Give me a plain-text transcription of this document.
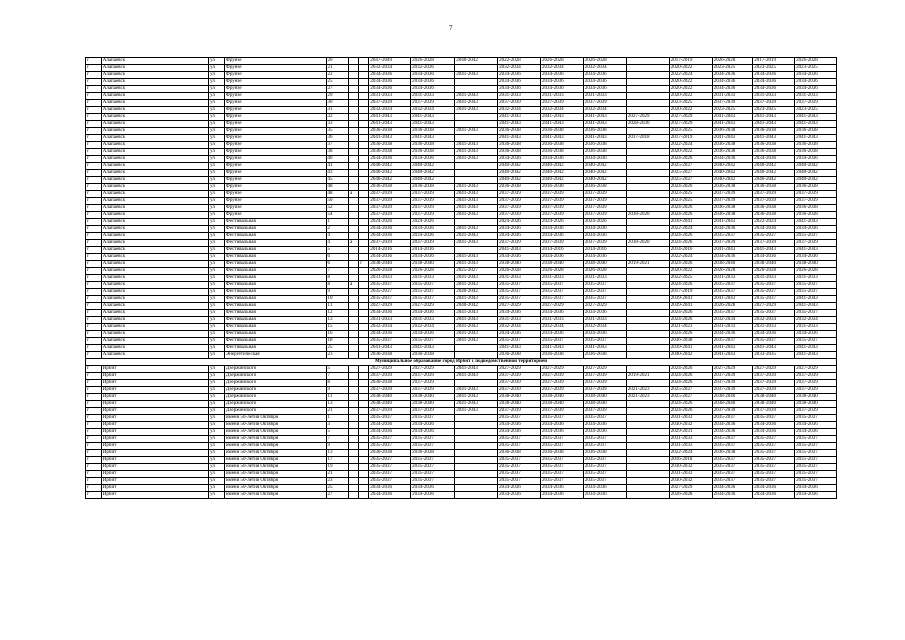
7
г	Алапаевск	ул	Фрунзе	20			2047-2049	2026-2028	2040-2042	2022-2028	2026-2028	2026-2028		2017-2019	2026-2028	2017-2019	2026-2028
г	Алапаевск	ул	Фрунзе	21			2032-2034	2032-2036		2032-2034	2032-2034	2032-2034		2020-2022	2023-2025	2023-2025	2023-2025
г	Алапаевск	ул	Фрунзе	22			2034-2036	2034-2036	2041-2043	2034-2036	2034-2036	2034-2036		2022-2024	2034-2036	2034-2036	2034-2036
г	Алапаевск	ул	Фрунзе	25			2034-2036	2034-2036		2034-2036	2034-2036	2034-2036		2020-2022	2034-2036	2034-2036	2034-2036
г	Алапаевск	ул	Фрунзе	27			2034-2036	2034-2036		2034-2036	2034-2036	2034-2036		2020-2022	2034-2036	2034-2036	2034-2036
г	Алапаевск	ул	Фрунзе	29			2031-2033	2031-2033	2041-2043	2031-2033	2031-2033	2031-2033		2020-2022	2031-2033	2031-2033	2031-2033
г	Алапаевск	ул	Фрунзе	30			2037-2039	2037-2039	2041-2043	2037-2039	2037-2039	2037-2039		2023-2025	2037-2039	2037-2039	2037-2039
г	Алапаевск	ул	Фрунзе	31			2032-2034	2032-2034	2041-2043	2032-2034	2032-2034	2032-2034		2020-2022	2023-2025	2023-2025	2023-2025
г	Алапаевск	ул	Фрунзе	32			2041-2043	2041-2043		2041-2043	2041-2043	2041-2043	2027-2029	2027-2029	2041-2043	2041-2043	2041-2043
г	Алапаевск	ул	Фрунзе	33			2041-2043	2041-2043		2041-2043	2041-2043	2041-2043	2028-2030	2027-2029	2041-2043	2041-2043	2041-2043
г	Алапаевск	ул	Фрунзе	35			2036-2038	2036-2038	2041-2043	2036-2038	2036-2038	2036-2038		2023-2025	2036-2038	2036-2038	2036-2038
г	Алапаевск	ул	Фрунзе	36			2041-2043	2041-2043		2041-2043	2041-2043	2041-2043	2017-2018	2017-2019	2041-2043	2041-2043	2041-2043
г	Алапаевск	ул	Фрунзе	37			2036-2038	2036-2038	2041-2043	2036-2038	2036-2038	2036-2038		2022-2024	2036-2038	2036-2038	2036-2038
г	Алапаевск	ул	Фрунзе	38			2036-2038	2036-2038	2041-2043	2036-2038	2036-2038	2036-2038		2020-2022	2036-2038	2036-2038	2036-2038
г	Алапаевск	ул	Фрунзе	40			2034-2036	2034-2036	2041-2043	2034-2036	2034-2036	2034-2036		2024-2026	2034-2036	2034-2036	2034-2036
г	Алапаевск	ул	Фрунзе	41			2040-2042	2040-2042		2040-2042	2040-2042	2040-2042		2025-2027	2040-2042	2040-2042	2040-2042
г	Алапаевск	ул	Фрунзе	43			2040-2042	2040-2042		2040-2042	2040-2042	2040-2042		2025-2027	2040-2042	2040-2042	2040-2042
г	Алапаевск	ул	Фрунзе	45			2040-2042	2040-2042		2040-2042	2040-2042	2040-2042		2025-2027	2040-2042	2040-2042	2040-2042
г	Алапаевск	ул	Фрунзе	48			2036-2038	2036-2038	2041-2043	2036-2038	2036-2038	2036-2038		2024-2026	2036-2038	2036-2038	2036-2038
г	Алапаевск	ул	Фрунзе	48	а		2037-2039	2037-2039	2041-2043	2037-2039	2037-2039	2037-2039		2023-2025	2037-2039	2037-2039	2037-2039
г	Алапаевск	ул	Фрунзе	50			2037-2039	2037-2039	2041-2043	2037-2039	2037-2039	2037-2039		2023-2025	2037-2039	2037-2039	2037-2039
г	Алапаевск	ул	Фрунзе	52			2037-2039	2037-2039	2041-2043	2037-2039	2037-2039	2037-2039		2024-2026	2036-2038	2036-2038	2036-2038
г	Алапаевск	ул	Фрунзе	54			2037-2039	2037-2039	2041-2043	2037-2039	2037-2039	2037-2039	2018-2020	2024-2026	2036-2038	2036-2038	2036-2038
г	Алапаевск	ул	Фестивальная	1			2024-2026	2024-2026		2024-2026	2024-2026	2024-2026		2039-2041	2041-2043	2022-2024	2041-2043
г	Алапаевск	ул	Фестивальная	2			2034-2036	2034-2036	2041-2043	2034-2036	2034-2036	2034-2036		2022-2024	2034-2036	2034-2036	2034-2036
г	Алапаевск	ул	Фестивальная	4			2034-2036	2034-2036	2041-2043	2034-2036	2034-2036	2034-2036		2024-2026	2035-2037	2035-2037	2035-2037
г	Алапаевск	ул	Фестивальная	4	а		2037-2039	2037-2039	2041-2043	2037-2039	2037-2039	2037-2039	2018-2020	2024-2026	2037-2039	2037-2039	2037-2039
г	Алапаевск	ул	Фестивальная	5			2014-2016	2014-2016		2041-2043	2014-2016	2014-2016		2014-2016	2041-2043	2041-2043	2041-2043
г	Алапаевск	ул	Фестивальная	6			2034-2036	2034-2036	2041-2043	2034-2036	2034-2036	2034-2036		2022-2024	2034-2036	2034-2036	2034-2036
г	Алапаевск	ул	Фестивальная	6		г	2038-2040	2038-2040	2041-2043	2038-2040	2038-2040	2038-2040	2019-2021	2024-2026	2038-2040	2038-2040	2038-2040
г	Алапаевск	ул	Фестивальная	7			2026-2028	2026-2028	2025-2027	2026-2028	2026-2028	2026-2028		2020-2022	2026-2028	2026-2028	2026-2028
г	Алапаевск	ул	Фестивальная	8			2031-2033	2031-2033	2041-2043	2031-2033	2031-2033	2031-2033		2022-2025	2031-2033	2031-2033	2031-2033
г	Алапаевск	ул	Фестивальная	8	а		2035-2037	2035-2037	2041-2043	2035-2037	2035-2037	2035-2037		2024-2026	2035-2037	2035-2037	2035-2037
г	Алапаевск	ул	Фестивальная	9			2035-2037	2035-2037	2040-2042	2035-2037	2035-2037	2035-2037		2017-2019	2035-2037	2035-2037	2035-2037
г	Алапаевск	ул	Фестивальная	10			2035-2037	2035-2037	2041-2043	2035-2037	2035-2037	2035-2037		2039-2041	2041-2043	2035-2037	2041-2043
г	Алапаевск	ул	Фестивальная	11			2027-2029	2027-2029	2040-2042	2027-2029	2027-2029	2027-2029		2039-2041	2026-2028	2027-2029	2041-2043
г	Алапаевск	ул	Фестивальная	12			2034-2036	2034-2036	2041-2043	2034-2036	2034-2036	2034-2036		2024-2026	2035-2037	2035-2037	2035-2037
г	Алапаевск	ул	Фестивальная	13			2031-2033	2031-2033	2041-2043	2031-2033	2031-2033	2031-2033		2024-2026	2032-2034	2032-2034	2032-2034
г	Алапаевск	ул	Фестивальная	15			2032-2034	2032-2034	2041-2043	2032-2034	2032-2034	2032-2034		2021-2023	2031-2033	2031-2033	2031-2033
г	Алапаевск	ул	Фестивальная	16			2034-2036	2034-2036	2041-2043	2034-2036	2034-2036	2034-2036		2024-2026	2034-2036	2034-2036	2034-2036
г	Алапаевск	ул	Фестивальная	18			2035-2037	2035-2037	2041-2043	2035-2037	2035-2037	2035-2037		2036-2038	2035-2037	2035-2037	2035-2037
г	Алапаевск	ул	Фестивальная	25			2041-2043	2041-2043		2041-2043	2041-2043	2041-2043		2039-2041	2041-2043	2041-2043	2041-2043
г	Алапаевск	ул	Энергетическая	23			2036-2038	2036-2038		2036-2038	2036-2038	2036-2038		2040-2042	2041-2043	2033-2035	2041-2043
Муниципальное образование город Ирбит с подведомственной территорией																	
г	Ирбит	ул	Дзержинского	5			2027-2029	2027-2029	2041-2043	2027-2029	2027-2029	2027-2029		2024-2026	2027-2029	2027-2029	2027-2029
г	Ирбит	ул	Дзержинского	7			2037-2039	2037-2039	2041-2043	2037-2039	2037-2039	2037-2039	2019-2021	2024-2026	2037-2039	2037-2039	2037-2039
г	Ирбит	ул	Дзержинского	8			2036-2038	2037-2039		2037-2039	2037-2039	2037-2039		2024-2026	2037-2039	2037-2039	2037-2039
г	Ирбит	ул	Дзержинского	9			2037-2039	2037-2039	2041-2043	2037-2039	2037-2039	2037-2039	2021-2023	2025-2027	2037-2039	2037-2039	2037-2039
г	Ирбит	ул	Дзержинского	11			2038-2040	2038-2040	2041-2043	2038-2040	2038-2040	2038-2040	2021-2023	2025-2027	2038-2040	2038-2040	2038-2040
г	Ирбит	ул	Дзержинского	13			2038-2040	2038-2040	2041-2043	2038-2040	2038-2040	2038-2040		2024-2026	2038-2040	2038-2040	2038-2040
г	Ирбит	ул	Дзержинского	21			2037-2039	2037-2039	2041-2043	2037-2039	2037-2039	2037-2039		2024-2026	2037-2039	2037-2039	2037-2039
г	Ирбит	ул	имени 50-летия Октября	1			2035-2037	2035-2037		2035-2037	2035-2037	2035-2037		2031-2033	2035-2037	2035-2037	2035-2037
г	Ирбит	ул	имени 50-летия Октября	3			2034-2036	2034-2036		2034-2036	2034-2036	2034-2036		2030-2032	2034-2036	2034-2036	2034-2036
г	Ирбит	ул	имени 50-летия Октября	5			2034-2036	2034-2036		2034-2036	2034-2036	2034-2036		2029-2031	2034-2036	2034-2036	2034-2036
г	Ирбит	ул	имени 50-летия Октября	7			2035-2037	2035-2037		2035-2037	2035-2037	2035-2037		2031-2033	2035-2037	2035-2037	2035-2037
г	Ирбит	ул	имени 50-летия Октября	9			2035-2037	2035-2037		2035-2037	2035-2037	2035-2037		2031-2033	2035-2037	2035-2037	2035-2037
г	Ирбит	ул	имени 50-летия Октября	13			2036-2038	2036-2038		2036-2038	2036-2038	2036-2038		2022-2024	2036-2038	2035-2037	2035-2037
г	Ирбит	ул	имени 50-летия Октября	17			2035-2037	2035-2037		2035-2037	2035-2037	2035-2037		2016-2018	2035-2037	2035-2037	2035-2037
г	Ирбит	ул	имени 50-летия Октября	19			2035-2037	2035-2037		2035-2037	2035-2037	2035-2037		2030-2032	2035-2037	2035-2037	2035-2037
г	Ирбит	ул	имени 50-летия Октября	21			2035-2037	2035-2037		2035-2037	2035-2037	2035-2037		2031-2033	2035-2037	2035-2037	2035-2037
г	Ирбит	ул	имени 50-летия Октября	23			2035-2037	2035-2037		2035-2037	2035-2037	2035-2037		2030-2032	2035-2037	2035-2037	2035-2037
г	Ирбит	ул	имени 50-летия Октября	25			2034-2036	2034-2036		2034-2036	2034-2036	2034-2036		2027-2029	2034-2036	2034-2036	2034-2036
г	Ирбит	ул	имени 50-летия Октября	27			2034-2036	2034-2036		2034-2036	2034-2036	2034-2036		2026-2028	2034-2036	2034-2036	2034-2036
